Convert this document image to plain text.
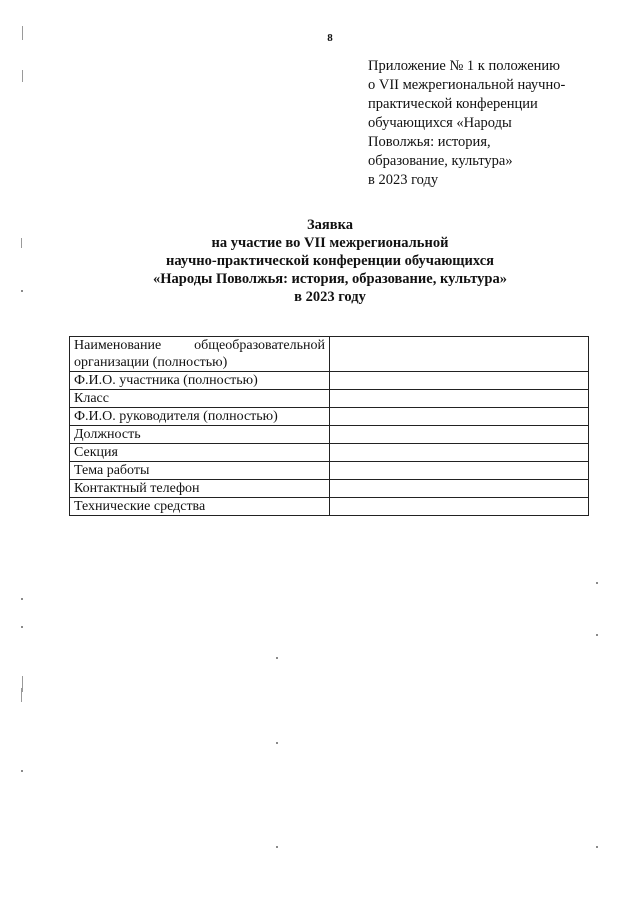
8
Приложение № 1 к положению
о VII межрегиональной научно-
практической конференции
обучающихся «Народы
Поволжья: история,
образование, культура»
в 2023 году
Заявка
на участие во VII межрегиональной
научно-практической конференции обучающихся
«Народы Поволжья: история, образование, культура»
в 2023 году
Наименование общеобразовательной организации (полностью)	
Ф.И.О. участника (полностью)	
Класс	
Ф.И.О. руководителя (полностью)	
Должность	
Секция	
Тема работы	
Контактный телефон	
Технические средства	
